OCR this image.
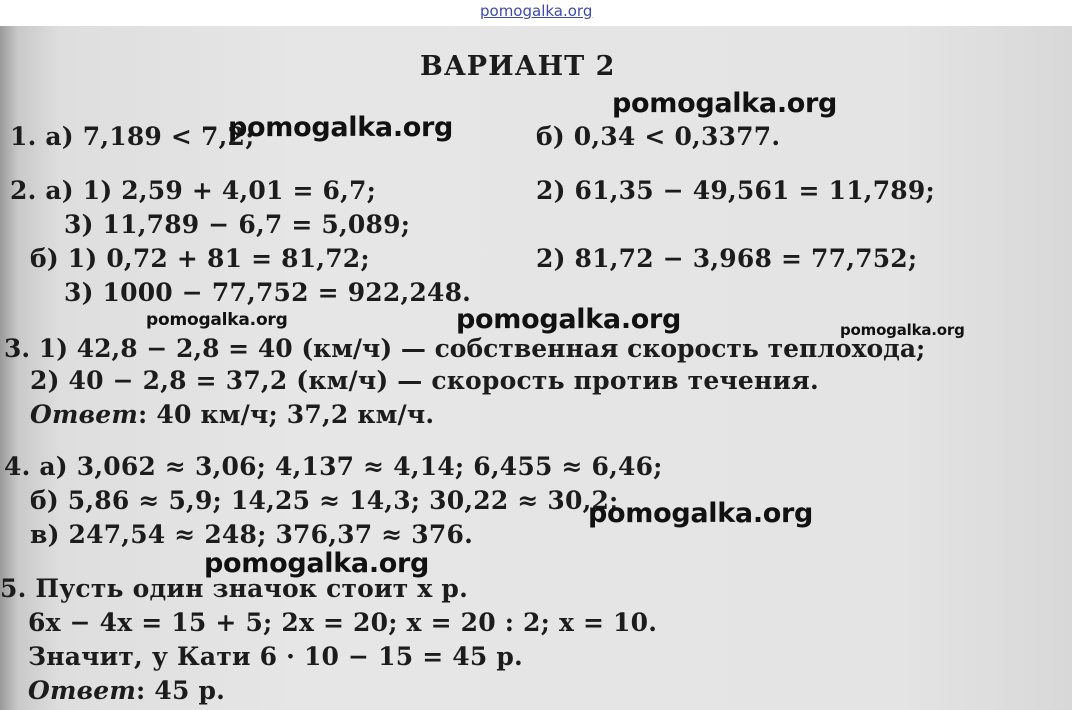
pomogalka.org
ВАРИАНТ 2
1. а) 7,189 < 7,2;	б) 0,34 < 0,3377.
2. а) 1) 2,59 + 4,01 = 6,7;	2) 61,35 − 49,561 = 11,789;
3) 11,789 − 6,7 = 5,089;
б) 1) 0,72 + 81 = 81,72;	2) 81,72 − 3,968 = 77,752;
3) 1000 − 77,752 = 922,248.
3. 1) 42,8 − 2,8 = 40 (км/ч) — собственная скорость теплохода;
2) 40 − 2,8 = 37,2 (км/ч) — скорость против течения.
Ответ: 40 км/ч; 37,2 км/ч.
4. а) 3,062 ≈ 3,06; 4,137 ≈ 4,14; 6,455 ≈ 6,46;
б) 5,86 ≈ 5,9; 14,25 ≈ 14,3; 30,22 ≈ 30,2;
в) 247,54 ≈ 248; 376,37 ≈ 376.
5. Пусть один значок стоит x р.
6x − 4x = 15 + 5; 2x = 20; x = 20 : 2; x = 10.
Значит, у Кати 6 · 10 − 15 = 45 р.
Ответ: 45 р.
pomogalka.org
pomogalka.org
pomogalka.org
pomogalka.org	pomogalka.org
pomogalka.org
pomogalka.org
